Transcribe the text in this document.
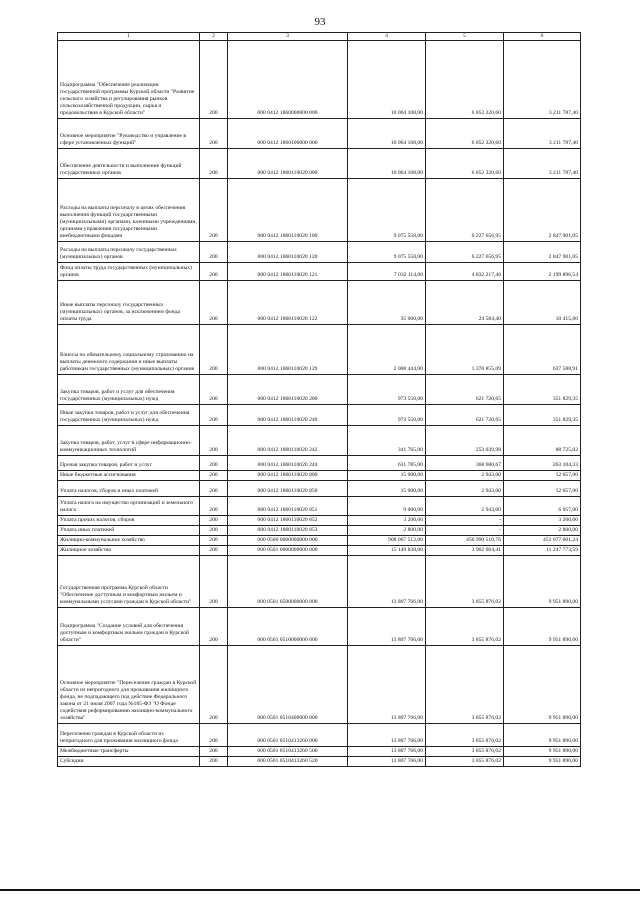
93
1	2	3	4	5	6
Подпрограмма "Обеспечение реализации государственной программы Курской области "Развитие сельского хозяйства и регулирования рынков сельскохозяйственной продукции, сырья и продовольствия в Курской области"	200	000 0412 1860000000 000	10 064 108,00	6 852 320,60	3 211 787,40
Основное мероприятие "Руководство и управление в сфере установленных функций"	200	000 0412 1860100000 000	10 064 108,00	6 852 320,60	3 211 787,40
Обеспечение деятельности и выполнение функций государственных органов	200	000 0412 1860110020 000	10 064 108,00	6 852 320,60	3 211 787,40
Расходы на выплаты персоналу в целях обеспечения выполнения функций государственными (муниципальными) органами, казенными учреждениями, органами управления государственными внебюджетными фондами	200	000 0412 1860110020 100	9 075 558,00	6 227 656,95	2 847 901,05
Расходы на выплаты персоналу государственных (муниципальных) органов	200	000 0412 1860110020 120	9 075 558,00	6 227 656,95	2 847 901,05
Фонд оплаты труда государственных (муниципальных) органов	200	000 0412 1860110020 121	7 032 114,00	4 832 217,46	2 199 896,54
Иные выплаты персоналу государственных (муниципальных) органов, за исключением фонда оплаты труда	200	000 0412 1860110020 122	35 000,00	24 584,40	10 415,60
Взносы по обязательному социальному страхованию на выплаты денежного содержания и иные выплаты работникам государственных (муниципальных) органов	200	000 0412 1860110020 129	2 008 444,00	1 370 855,09	637 588,91
Закупка товаров, работ и услуг для обеспечения государственных (муниципальных) нужд	200	000 0412 1860110020 200	973 550,00	621 720,65	351 829,35
Иные закупки товаров, работ и услуг для обеспечения государственных (муниципальных) нужд	200	000 0412 1860110020 240	973 550,00	621 720,65	351 829,35
Закупка товаров, работ, услуг в сфере информационно-коммуникационных технологий	200	000 0412 1860110020 242	341 765,00	253 039,98	88 725,02
Прочая закупка товаров, работ и услуг	200	000 0412 1860110020 244	631 785,00	368 680,67	263 104,33
Иные бюджетные ассигнования	200	000 0412 1860110020 800	15 000,00	2 943,00	12 057,00
Уплата налогов, сборов и иных платежей	200	000 0412 1860110020 850	15 000,00	2 943,00	12 057,00
Уплата налога на имущество организаций и земельного налога	200	000 0412 1860110020 851	9 000,00	2 943,00	6 057,00
Уплата прочих налогов, сборов	200	000 0412 1860110020 852	3 200,00	-	3 200,00
Уплата иных платежей	200	000 0412 1860110020 853	2 800,00	-	2 800,00
Жилищно-коммунальное хозяйство	200	000 0500 0000000000 000	908 067 512,00	456 990 510,76	451 077 001,24
Жилищное хозяйство	200	000 0501 0000000000 000	15 149 838,00	3 902 064,41	11 247 773,59
Государственная программа Курской области "Обеспечение доступным и комфортным жильем и коммунальными услугами граждан в Курской области"	200	000 0501 0500000000 000	13 807 766,00	3 855 876,02	9 951 890,00
Подпрограмма "Создание условий для обеспечения доступным и комфортным жильем граждан в Курской области"	200	000 0501 0510000000 000	13 807 766,00	3 855 876,02	9 951 890,00
Основное мероприятие "Переселение граждан в Курской области из непригодного для проживания жилищного фонда, не подпадающего под действие Федерального закона от 21 июля 2007 года №185-ФЗ "О Фонде содействия реформированию жилищно-коммунального хозяйства"	200	000 0501 0510400000 000	13 807 766,00	3 855 876,02	9 951 890,00
Переселение граждан в Курской области из непригодного для проживания жилищного фонда	200	000 0501 0510413260 000	13 807 766,00	3 855 876,02	9 951 890,00
Межбюджетные трансферты	200	000 0501 0510413260 500	13 807 766,00	3 855 876,02	9 951 890,00
Субсидии	200	000 0501 0510413260 520	13 807 766,00	3 855 876,02	9 951 890,00
